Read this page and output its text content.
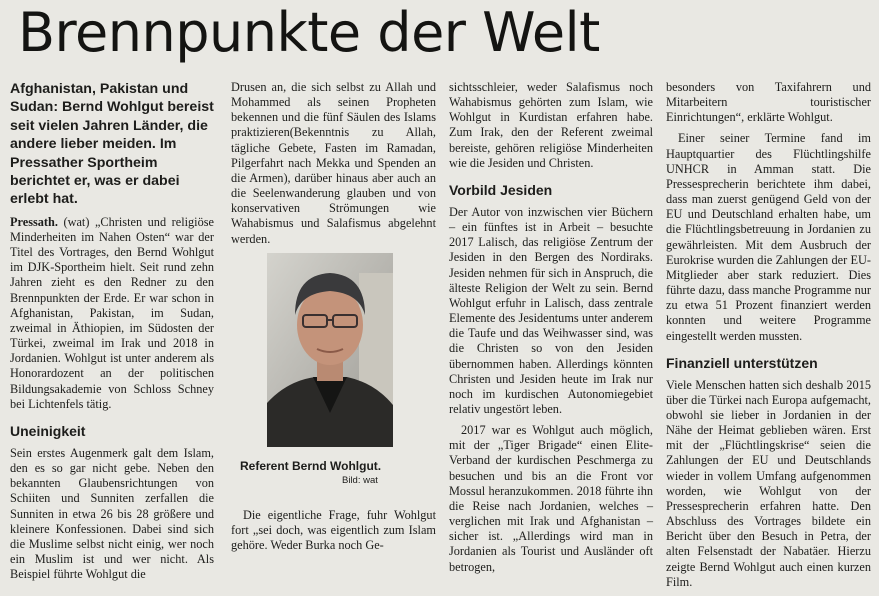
Brennpunkte der Welt

Afghanistan, Pakistan und Sudan: Bernd Wohlgut bereist seit vielen Jahren Länder, die andere lieber meiden. Im Pressather Sportheim berichtet er, was er dabei erlebt hat.

Pressath. (wat) „Christen und religiöse Minderheiten im Nahen Osten“ war der Titel des Vortrages, den Bernd Wohlgut im DJK-Sportheim hielt. Seit rund zehn Jahren zieht es den Redner zu den Brennpunkten der Erde. Er war schon in Afghanistan, Pakistan, im Sudan, zweimal in Äthiopien, im Südosten der Türkei, zweimal im Irak und 2018 in Jordanien. Wohlgut ist unter anderem als Honorardozent an der politischen Bildungsakademie von Schloss Schney bei Lichtenfels tätig.

Uneinigkeit

Sein erstes Augenmerk galt dem Islam, den es so gar nicht gebe. Neben den bekannten Glaubensrichtungen von Schiiten und Sunniten zerfallen die Sunniten in etwa 26 bis 28 größere und kleinere Konfessionen. Dabei sind sich die Muslime selbst nicht einig, wer noch ein Muslim ist und wer nicht. Als Beispiel führte Wohlgut die

Drusen an, die sich selbst zu Allah und Mohammed als seinen Propheten bekennen und die fünf Säulen des Islams praktizieren(Bekenntnis zu Allah, tägliche Gebete, Fasten im Ramadan, Pilgerfahrt nach Mekka und Spenden an die Armen), darüber hinaus aber auch an die Seelenwanderung glauben und von konservativen Strömungen wie Wahabismus und Salafismus abgelehnt werden.

Referent Bernd Wohlgut.
Bild: wat

Die eigentliche Frage, fuhr Wohlgut fort „sei doch, was eigentlich zum Islam gehöre. Weder Burka noch Ge-

sichtsschleier, weder Salafismus noch Wahabismus gehörten zum Islam, wie Wohlgut in Kurdistan erfahren habe. Zum Irak, den der Referent zweimal bereiste, gehören religiöse Minderheiten wie die Jesiden und Christen.

Vorbild Jesiden

Der Autor von inzwischen vier Büchern – ein fünftes ist in Arbeit – besuchte 2017 Lalisch, das religiöse Zentrum der Jesiden in den Bergen des Nordiraks. Jesiden nehmen für sich in Anspruch, die älteste Religion der Welt zu sein. Bernd Wohlgut erfuhr in Lalisch, dass zentrale Elemente des Jesidentums unter anderem die Taufe und das Weihwasser sind, was die Christen so von den Jesiden übernommen haben. Allerdings könnten Christen und Jesiden heute im Irak nur noch im kurdischen Autonomiegebiet relativ ungestört leben.

2017 war es Wohlgut auch möglich, mit der „Tiger Brigade“ einen Elite-Verband der kurdischen Peschmerga zu besuchen und bis an die Front vor Mossul heranzukommen. 2018 führte ihn die Reise nach Jordanien, welches – verglichen mit Irak und Afghanistan – sicher ist. „Allerdings wird man in Jordanien als Tourist und Ausländer oft betrogen,

besonders von Taxifahrern und Mitarbeitern touristischer Einrichtungen“, erklärte Wohlgut.

Einer seiner Termine fand im Hauptquartier des Flüchtlingshilfe UNHCR in Amman statt. Die Pressesprecherin berichtete ihm dabei, dass man zuerst genügend Geld von der EU und Deutschland erhalten habe, um die Flüchtlingsbetreuung in Jordanien zu gewährleisten. Mit dem Ausbruch der Eurokrise wurden die Zahlungen der EU-Mitglieder aber stark reduziert. Dies führte dazu, dass manche Programme nur zu etwa 51 Prozent finanziert werden konnten und weitere Programme eingestellt werden mussten.

Finanziell unterstützen

Viele Menschen hatten sich deshalb 2015 über die Türkei nach Europa aufgemacht, obwohl sie lieber in Jordanien in der Nähe der Heimat geblieben wären. Erst mit der „Flüchtlingskrise“ seien die Zahlungen der EU und Deutschlands wieder in vollem Umfang aufgenommen worden, wie Wohlgut von der Pressesprecherin erfahren hatte. Den Abschluss des Vortrages bildete ein Bericht über den Besuch in Petra, der alten Felsenstadt der Nabatäer. Hierzu zeigte Bernd Wohlgut auch einen kurzen Film.
